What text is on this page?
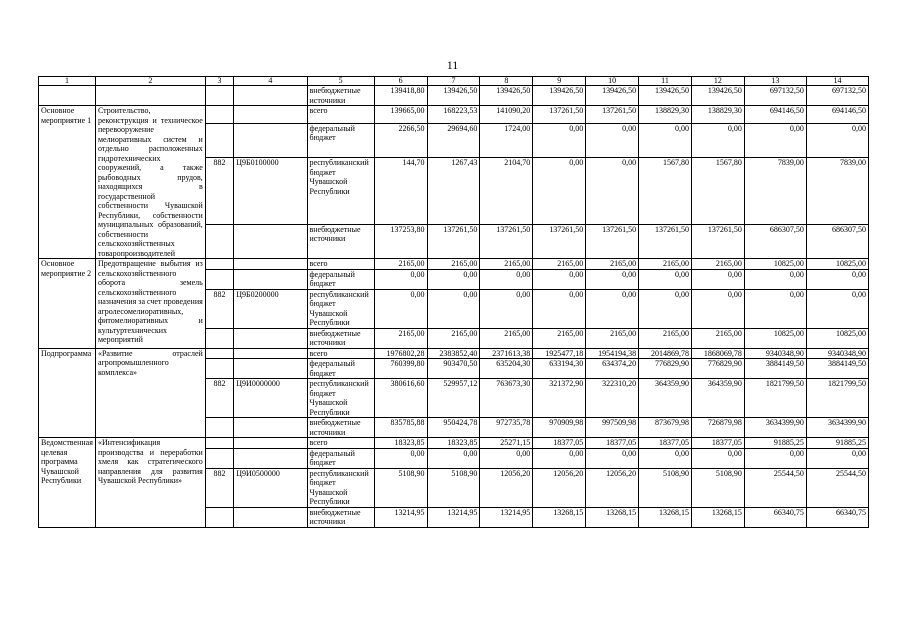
11
1	2	3	4	5	6	7	8	9	10	11	12	13	14
				внебюджетные источники	139418,80	139426,50	139426,50	139426,50	139426,50	139426,50	139426,50	697132,50	697132,50
Основное мероприятие 1	Строительство, реконструкция и техническое перевооружение мелиоративных систем и отдельно расположенных гидротехнических сооружений, а также рыбоводных прудов, находящихся в государственной собственности Чувашской Республики, собственности муниципальных образований, собственности сельскохозяйственных товаропроизводителей			всего	139665,00	168223,53	141090,20	137261,50	137261,50	138829,30	138829,30	694146,50	694146,50
				федеральный бюджет	2266,50	29694,60	1724,00	0,00	0,00	0,00	0,00	0,00	0,00
		882	Ц9Б0100000	республиканский бюджет Чувашской Республики	144,70	1267,43	2104,70	0,00	0,00	1567,80	1567,80	7839,00	7839,00
				внебюджетные источники	137253,80	137261,50	137261,50	137261,50	137261,50	137261,50	137261,50	686307,50	686307,50
Основное мероприятие 2	Предотвращение выбытия из сельскохозяйственного оборота земель сельскохозяйственного назначения за счет проведения агролесомелиоративных, фитомелиоративных и культуртехнических мероприятий			всего	2165,00	2165,00	2165,00	2165,00	2165,00	2165,00	2165,00	10825,00	10825,00
				федеральный бюджет	0,00	0,00	0,00	0,00	0,00	0,00	0,00	0,00	0,00
		882	Ц9Б0200000	республиканский бюджет Чувашской Республики	0,00	0,00	0,00	0,00	0,00	0,00	0,00	0,00	0,00
				внебюджетные источники	2165,00	2165,00	2165,00	2165,00	2165,00	2165,00	2165,00	10825,00	10825,00
Подпрограмма	«Развитие отраслей агропромышленного комплекса»			всего	1976802,28	2383852,40	2371613,38	1925477,18	1954194,38	2014869,78	1868069,78	9340348,90	9340348,90
				федеральный бюджет	760399,80	903470,50	635204,30	633194,30	634374,20	776829,90	776829,90	3884149,50	3884149,50
		882	Ц9И0000000	республиканский бюджет Чувашской Республики	380616,60	529957,12	763673,30	321372,90	322310,20	364359,90	364359,90	1821799,50	1821799,50
				внебюджетные источники	835785,88	950424,78	972735,78	970909,98	997509,98	873679,98	726879,98	3634399,90	3634399,90
Ведомственная целевая программа Чувашской Республики	«Интенсификация производства и переработки хмеля как стратегического направления для развития Чувашской Республики»			всего	18323,85	18323,85	25271,15	18377,05	18377,05	18377,05	18377,05	91885,25	91885,25
				федеральный бюджет	0,00	0,00	0,00	0,00	0,00	0,00	0,00	0,00	0,00
		882	Ц9И0500000	республиканский бюджет Чувашской Республики	5108,90	5108,90	12056,20	12056,20	12056,20	5108,90	5108,90	25544,50	25544,50
				внебюджетные источники	13214,95	13214,95	13214,95	13268,15	13268,15	13268,15	13268,15	66340,75	66340,75
